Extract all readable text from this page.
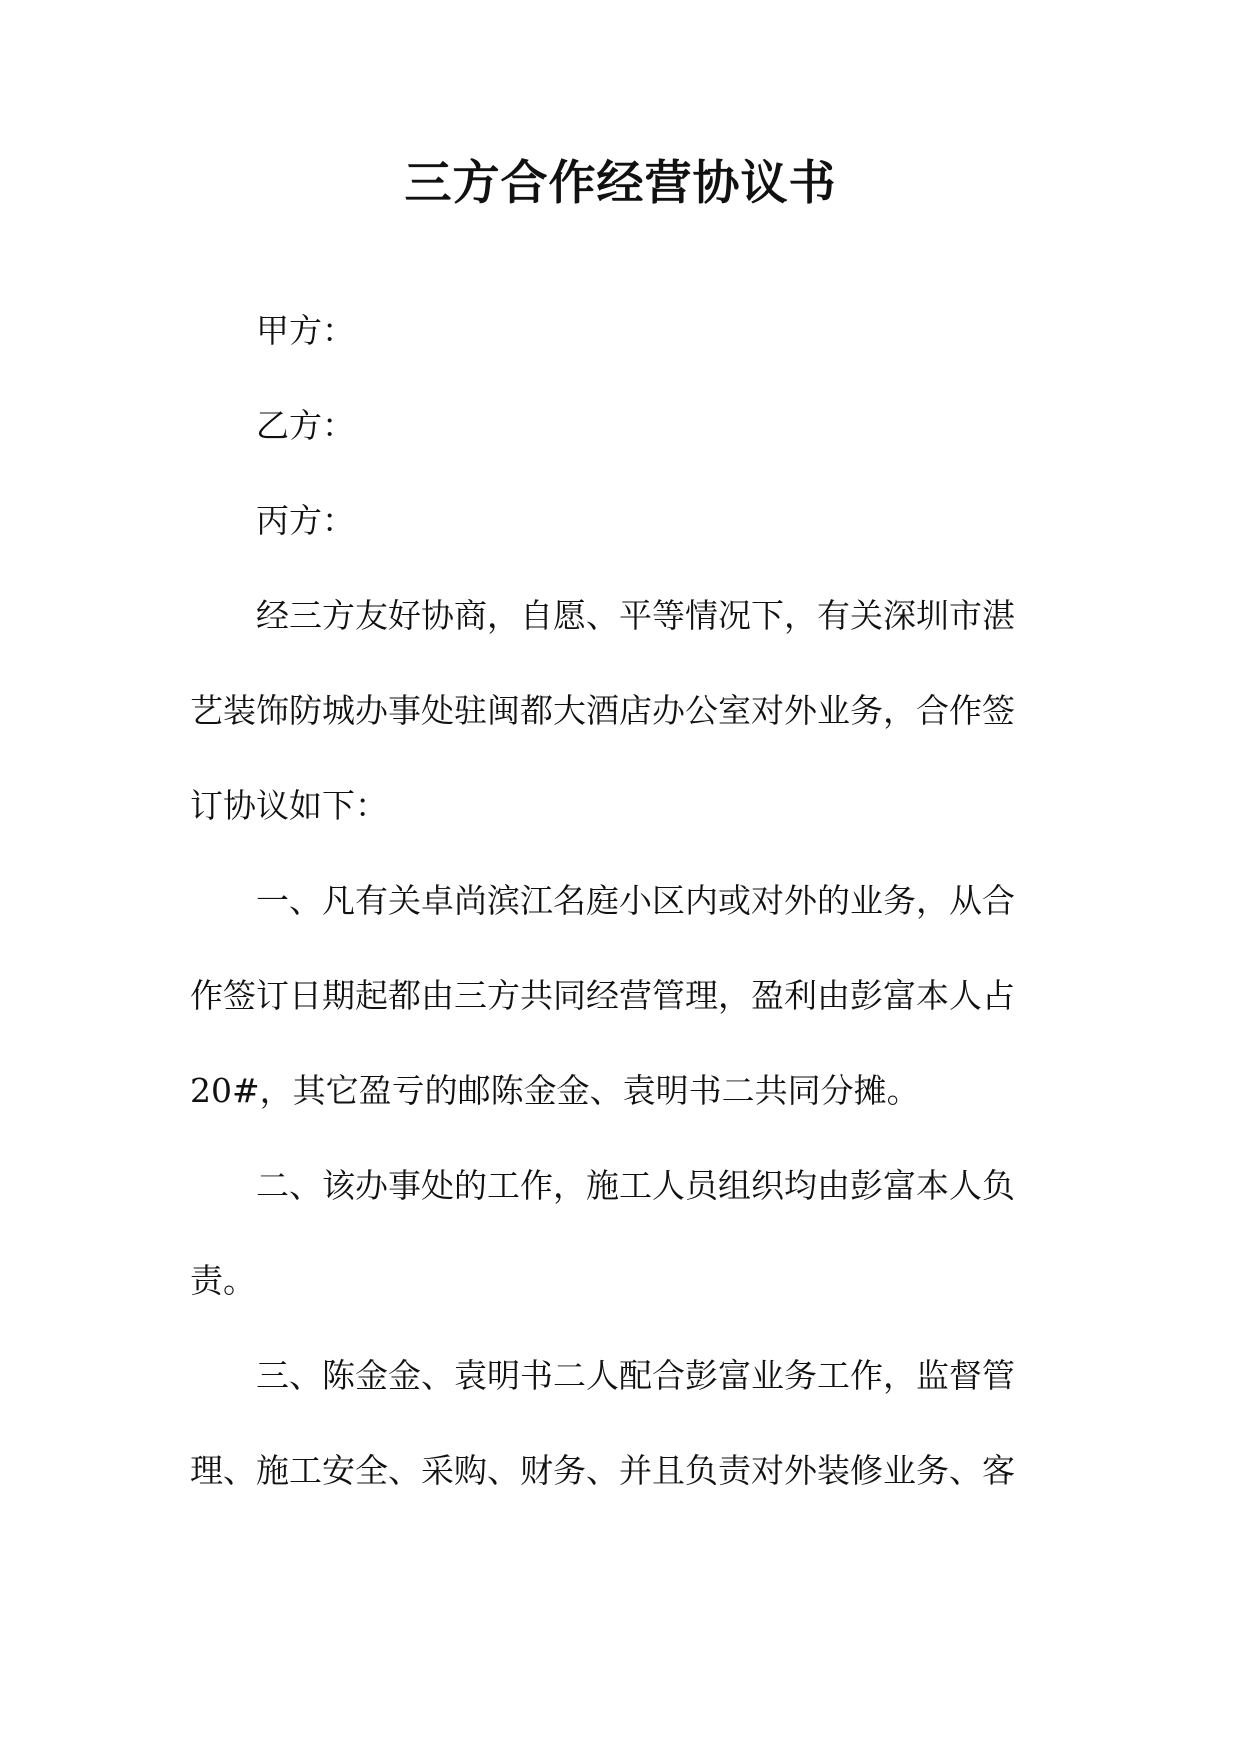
三方合作经营协议书
甲方：
乙方：
丙方：
经三方友好协商，自愿、平等情况下，有关深圳市湛
艺装饰防城办事处驻闽都大酒店办公室对外业务，合作签
订协议如下：
一、凡有关卓尚滨江名庭小区内或对外的业务，从合
作签订日期起都由三方共同经营管理，盈利由彭富本人占
20#，其它盈亏的邮陈金金、袁明书二共同分摊。
二、该办事处的工作，施工人员组织均由彭富本人负
责。
三、陈金金、袁明书二人配合彭富业务工作，监督管
理、施工安全、采购、财务、并且负责对外装修业务、客
